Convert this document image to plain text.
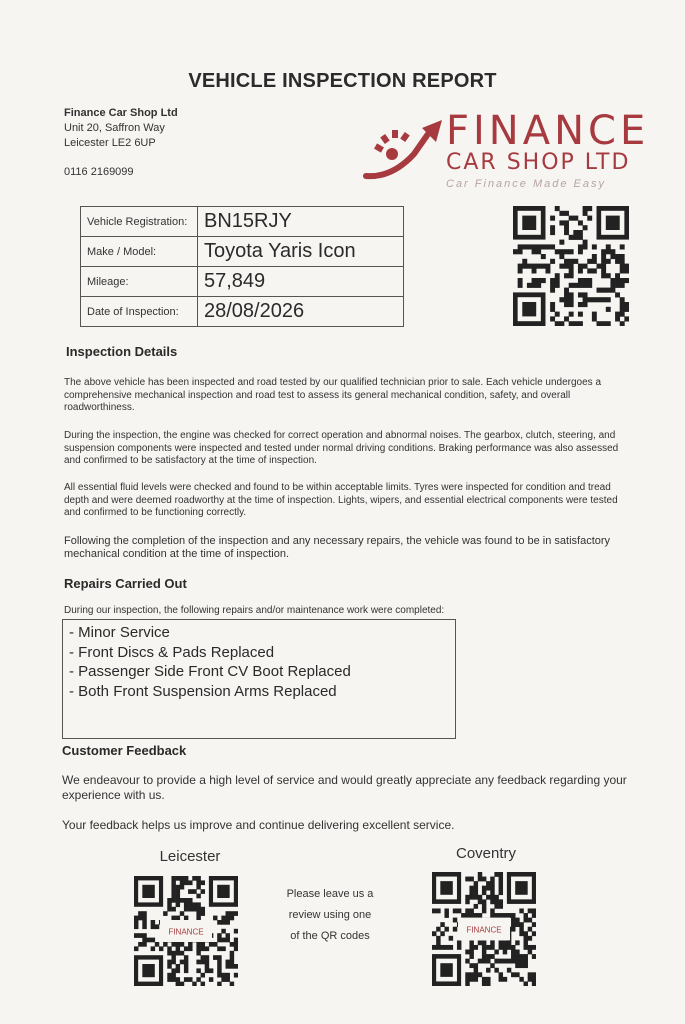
VEHICLE INSPECTION REPORT
Finance Car Shop Ltd
Unit 20, Saffron Way
Leicester LE2 6UP
0116 2169099
FINANCE
CAR SHOP LTD
Car Finance Made Easy
Vehicle Registration:	BN15RJY
Make / Model:	Toyota Yaris Icon
Mileage:	57,849
Date of Inspection:	28/08/2026
Inspection Details

The above vehicle has been inspected and road tested by our qualified technician prior to sale. Each vehicle undergoes a comprehensive mechanical inspection and road test to assess its general mechanical condition, safety, and overall roadworthiness.

During the inspection, the engine was checked for correct operation and abnormal noises. The gearbox, clutch, steering, and suspension components were inspected and tested under normal driving conditions. Braking performance was also assessed and confirmed to be satisfactory at the time of inspection.

All essential fluid levels were checked and found to be within acceptable limits. Tyres were inspected for condition and tread depth and were deemed roadworthy at the time of inspection. Lights, wipers, and essential electrical components were tested and confirmed to be functioning correctly.

Following the completion of the inspection and any necessary repairs, the vehicle was found to be in satisfactory mechanical condition at the time of inspection.

Repairs Carried Out
During our inspection, the following repairs and/or maintenance work were completed:
- Minor Service
- Front Discs & Pads Replaced
- Passenger Side Front CV Boot Replaced
- Both Front Suspension Arms Replaced
Customer Feedback

We endeavour to provide a high level of service and would greatly appreciate any feedback regarding your experience with us.

Your feedback helps us improve and continue delivering excellent service.

Leicester	Coventry
FINANCE	FINANCE
Please leave us a
review using one
of the QR codes
